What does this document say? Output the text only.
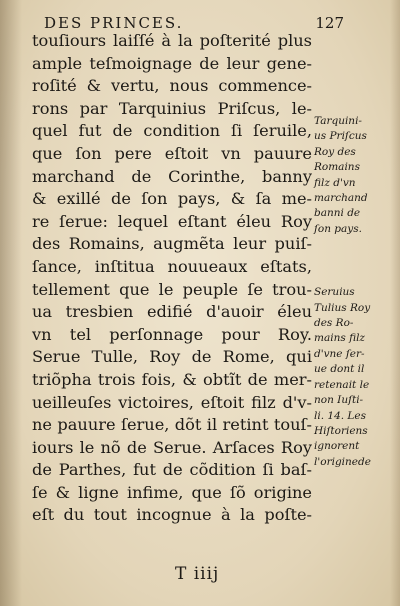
DES PRINCES.	127
touſiours laiſſé à la poſterité plus
ample teſmoignage de leur gene-
roſité & vertu, nous commence-
rons par Tarquinius Priſcus, le-
quel fut de condition ſi ſeruile,
que ſon pere eſtoit vn pauure
marchand de Corinthe, banny
& exillé de ſon pays, & ſa me-
re ſerue: lequel eſtant éleu Roy
des Romains, augmẽta leur puiſ-
ſance, inſtitua nouueaux eſtats,
tellement que le peuple ſe trou-
ua tresbien edifié d'auoir éleu
vn tel perſonnage pour Roy.
Serue Tulle, Roy de Rome, qui
triõpha trois fois, & obtĩt de mer-
ueilleuſes victoires, eſtoit filz d'v-
ne pauure ſerue, dõt il retint touſ-
iours le nõ de Serue. Arſaces Roy
de Parthes, fut de cõdition ſi baſ-
ſe & ligne infime, que ſõ origine
eſt du tout incognue à la poſte-
Tarquini-
us Priſcus
Roy des
Romains
filz d'vn
marchand
banni de
ſon pays.
Seruius
Tulius Roy
des Ro-
mains filz
d'vne ſer-
ue dont il
retenait le
non Iuſti-
li. 14. Les
Hiſtoriens
ignorent
l'originede
T iiij
